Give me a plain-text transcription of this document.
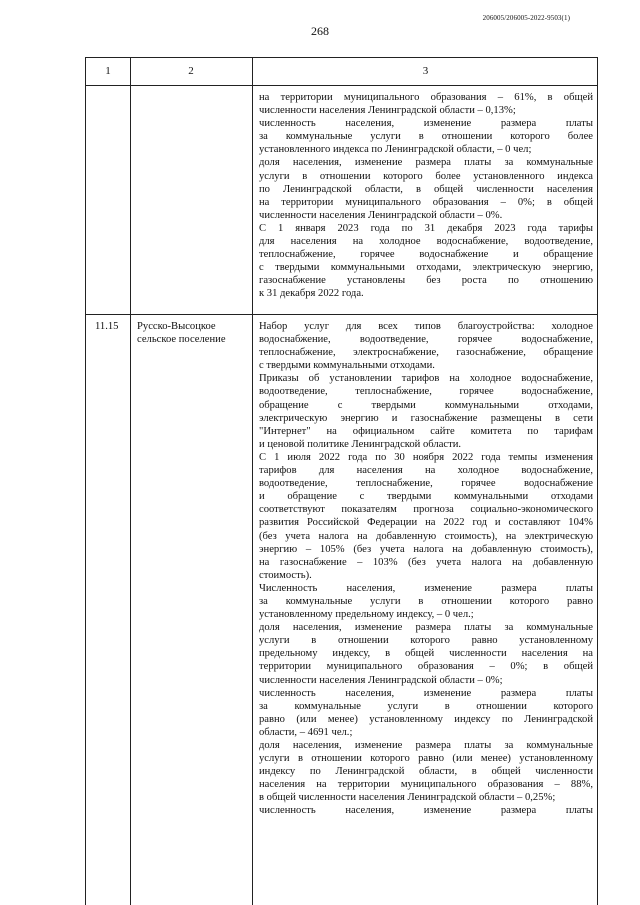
268
206005/206005-2022-9503(1)
1	2	3
на территории муниципального образования – 61%, в общей
численности населения Ленинградской области – 0,13%;
численность населения, изменение размера платы
за коммунальные услуги в отношении которого более
установленного индекса по Ленинградской области, – 0 чел;
доля населения, изменение размера платы за коммунальные
услуги в отношении которого более установленного индекса
по Ленинградской области, в общей численности населения
на территории муниципального образования – 0%; в общей
численности населения Ленинградской области – 0%.
С 1 января 2023 года по 31 декабря 2023 года тарифы
для населения на холодное водоснабжение, водоотведение,
теплоснабжение, горячее водоснабжение и обращение
с твердыми коммунальными отходами, электрическую энергию,
газоснабжение установлены без роста по отношению
к 31 декабря 2022 года.
11.15 Русско-Высоцкое
сельское поселение
Набор услуг для всех типов благоустройства: холодное
водоснабжение, водоотведение, горячее водоснабжение,
теплоснабжение, электроснабжение, газоснабжение, обращение
с твердыми коммунальными отходами.
Приказы об установлении тарифов на холодное водоснабжение,
водоотведение, теплоснабжение, горячее водоснабжение,
обращение с твердыми коммунальными отходами,
электрическую энергию и газоснабжение размещены в сети
"Интернет" на официальном сайте комитета по тарифам
и ценовой политике Ленинградской области.
С 1 июля 2022 года по 30 ноября 2022 года темпы изменения
тарифов для населения на холодное водоснабжение,
водоотведение, теплоснабжение, горячее водоснабжение
и обращение с твердыми коммунальными отходами
соответствуют показателям прогноза социально-экономического
развития Российской Федерации на 2022 год и составляют 104%
(без учета налога на добавленную стоимость), на электрическую
энергию – 105% (без учета налога на добавленную стоимость),
на газоснабжение – 103% (без учета налога на добавленную
стоимость).
Численность населения, изменение размера платы
за коммунальные услуги в отношении которого равно
установленному предельному индексу, – 0 чел.;
доля населения, изменение размера платы за коммунальные
услуги в отношении которого равно установленному
предельному индексу, в общей численности населения на
территории муниципального образования – 0%; в общей
численности населения Ленинградской области – 0%;
численность населения, изменение размера платы
за коммунальные услуги в отношении которого
равно (или менее) установленному индексу по Ленинградской
области, – 4691 чел.;
доля населения, изменение размера платы за коммунальные
услуги в отношении которого равно (или менее) установленному
индексу по Ленинградской области, в общей численности
населения на территории муниципального образования – 88%,
в общей численности населения Ленинградской области – 0,25%;
численность населения, изменение размера платы
